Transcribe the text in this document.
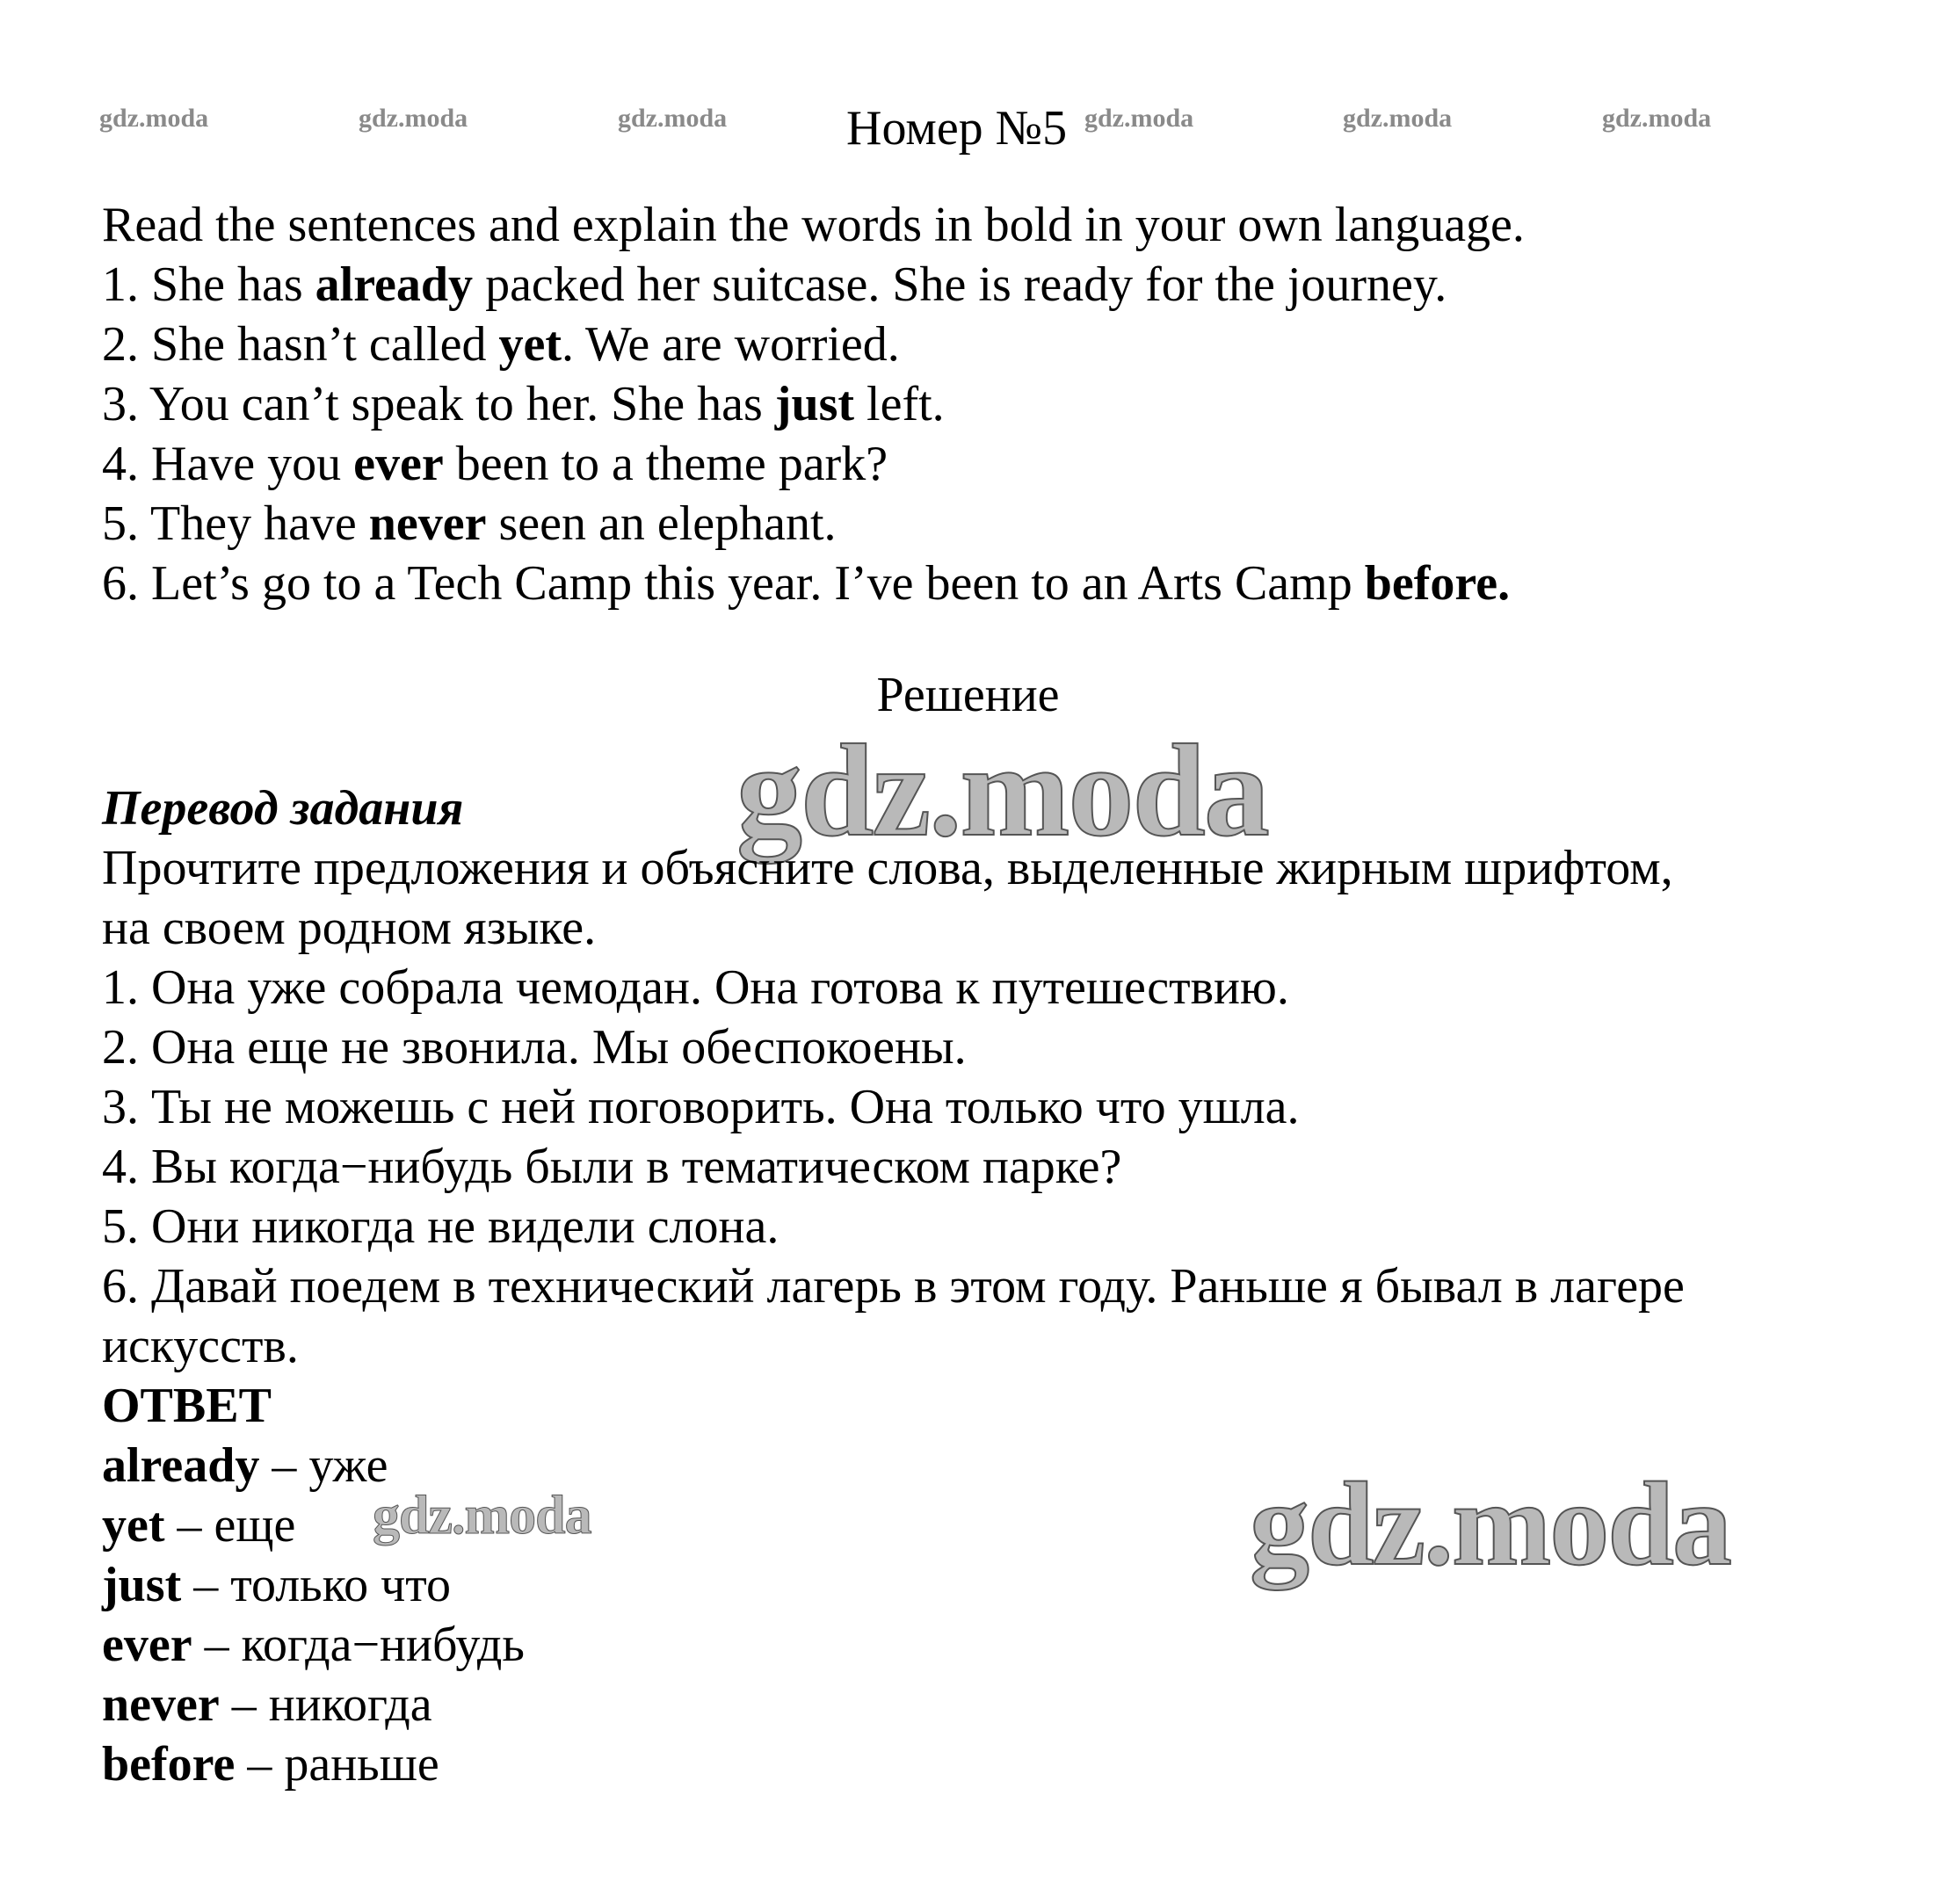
gdz.moda	gdz.moda	gdz.moda	gdz.moda	gdz.moda	gdz.moda
Номер №5
Read the sentences and explain the words in bold in your own language.
1. She has already packed her suitcase. She is ready for the journey.
2. She hasn’t called yet. We are worried.
3. You can’t speak to her. She has just left.
4. Have you ever been to a theme park?
5. They have never seen an elephant.
6. Let’s go to a Tech Camp this year. I’ve been to an Arts Camp before.
Решение
gdz.moda
Перевод задания
Прочтите предложения и объясните слова, выделенные жирным шрифтом,
на своем родном языке.
1. Она уже собрала чемодан. Она готова к путешествию.
2. Она еще не звонила. Мы обеспокоены.
3. Ты не можешь с ней поговорить. Она только что ушла.
4. Вы когда−нибудь были в тематическом парке?
5. Они никогда не видели слона.
6. Давай поедем в технический лагерь в этом году. Раньше я бывал в лагере
искусств.
ОТВЕТ
already – уже
yet – еще
just – только что
ever – когда−нибудь
never – никогда
before – раньше
gdz.moda	gdz.moda
